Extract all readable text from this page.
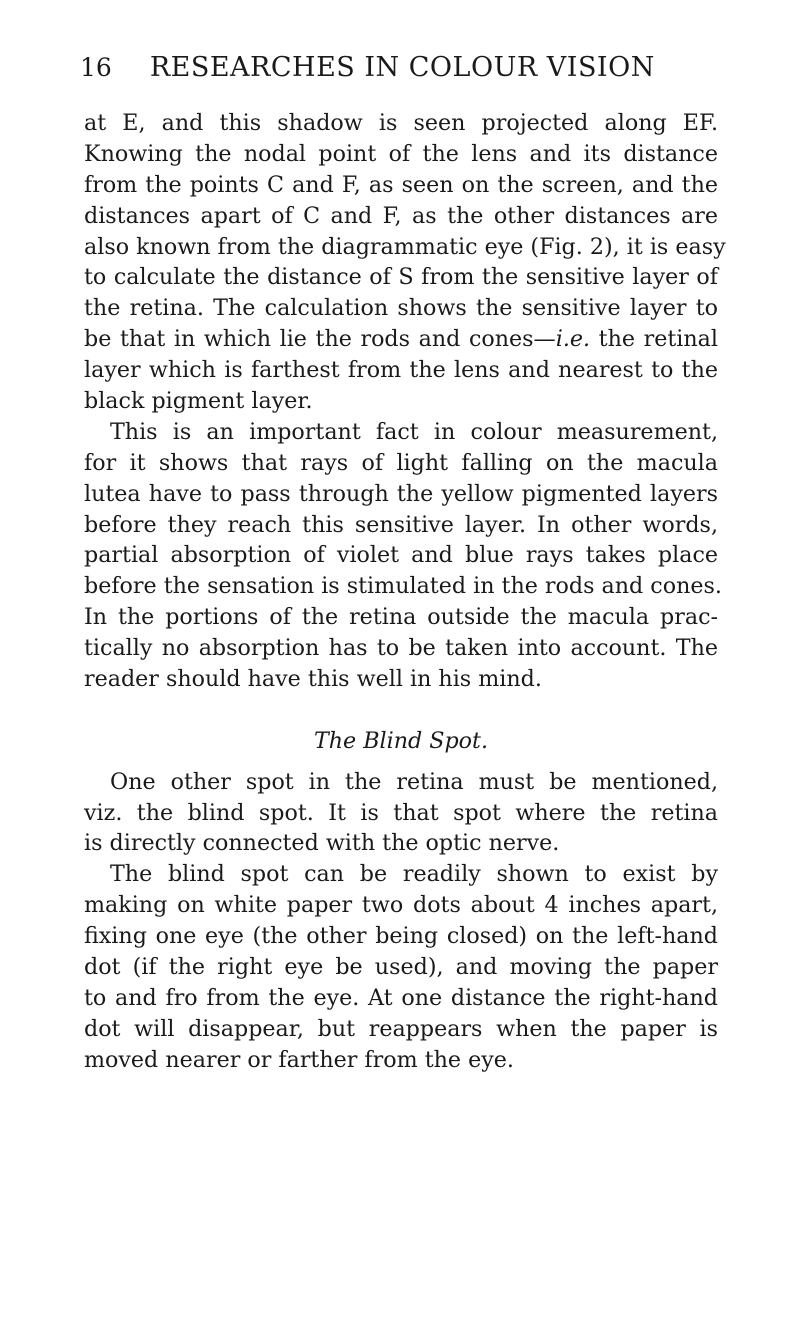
16 RESEARCHES IN COLOUR VISION
at E, and this shadow is seen projected along EF.
Knowing the nodal point of the lens and its distance
from the points C and F, as seen on the screen, and the
distances apart of C and F, as the other distances are
also known from the diagrammatic eye (Fig. 2), it is easy
to calculate the distance of S from the sensitive layer of
the retina. The calculation shows the sensitive layer to
be that in which lie the rods and cones—i.e. the retinal
layer which is farthest from the lens and nearest to the
black pigment layer.
This is an important fact in colour measurement,
for it shows that rays of light falling on the macula
lutea have to pass through the yellow pigmented layers
before they reach this sensitive layer. In other words,
partial absorption of violet and blue rays takes place
before the sensation is stimulated in the rods and cones.
In the portions of the retina outside the macula prac-
tically no absorption has to be taken into account. The
reader should have this well in his mind.
The Blind Spot.
One other spot in the retina must be mentioned,
viz. the blind spot. It is that spot where the retina
is directly connected with the optic nerve.
The blind spot can be readily shown to exist by
making on white paper two dots about 4 inches apart,
fixing one eye (the other being closed) on the left-hand
dot (if the right eye be used), and moving the paper
to and fro from the eye. At one distance the right-hand
dot will disappear, but reappears when the paper is
moved nearer or farther from the eye.
